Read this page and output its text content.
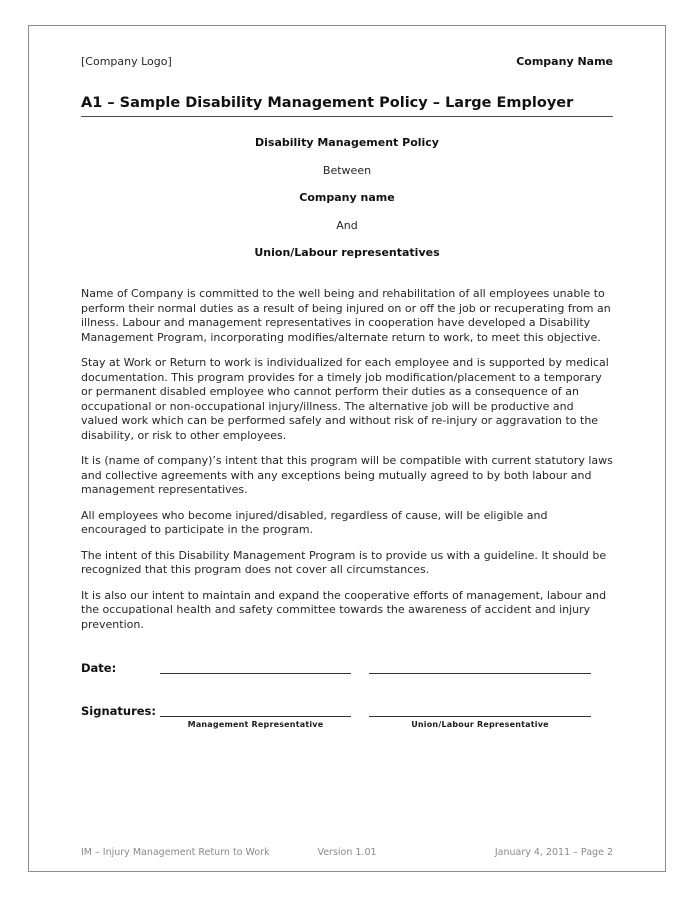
[Company Logo]	Company Name
A1 – Sample Disability Management Policy – Large Employer
Disability Management Policy
Between
Company name
And
Union/Labour representatives

Name of Company is committed to the well being and rehabilitation of all employees unable to perform their normal duties as a result of being injured on or off the job or recuperating from an illness. Labour and management representatives in cooperation have developed a Disability Management Program, incorporating modifies/alternate return to work, to meet this objective.

Stay at Work or Return to work is individualized for each employee and is supported by medical documentation. This program provides for a timely job modification/placement to a temporary or permanent disabled employee who cannot perform their duties as a consequence of an occupational or non-occupational injury/illness. The alternative job will be productive and valued work which can be performed safely and without risk of re-injury or aggravation to the disability, or risk to other employees.

It is (name of company)’s intent that this program will be compatible with current statutory laws and collective agreements with any exceptions being mutually agreed to by both labour and management representatives.

All employees who become injured/disabled, regardless of cause, will be eligible and encouraged to participate in the program.

The intent of this Disability Management Program is to provide us with a guideline. It should be recognized that this program does not cover all circumstances.

It is also our intent to maintain and expand the cooperative efforts of management, labour and the occupational health and safety committee towards the awareness of accident and injury prevention.

Date:
Signatures:
Management Representative	Union/Labour Representative
IM – Injury Management Return to Work	Version 1.01	January 4, 2011 – Page 2
